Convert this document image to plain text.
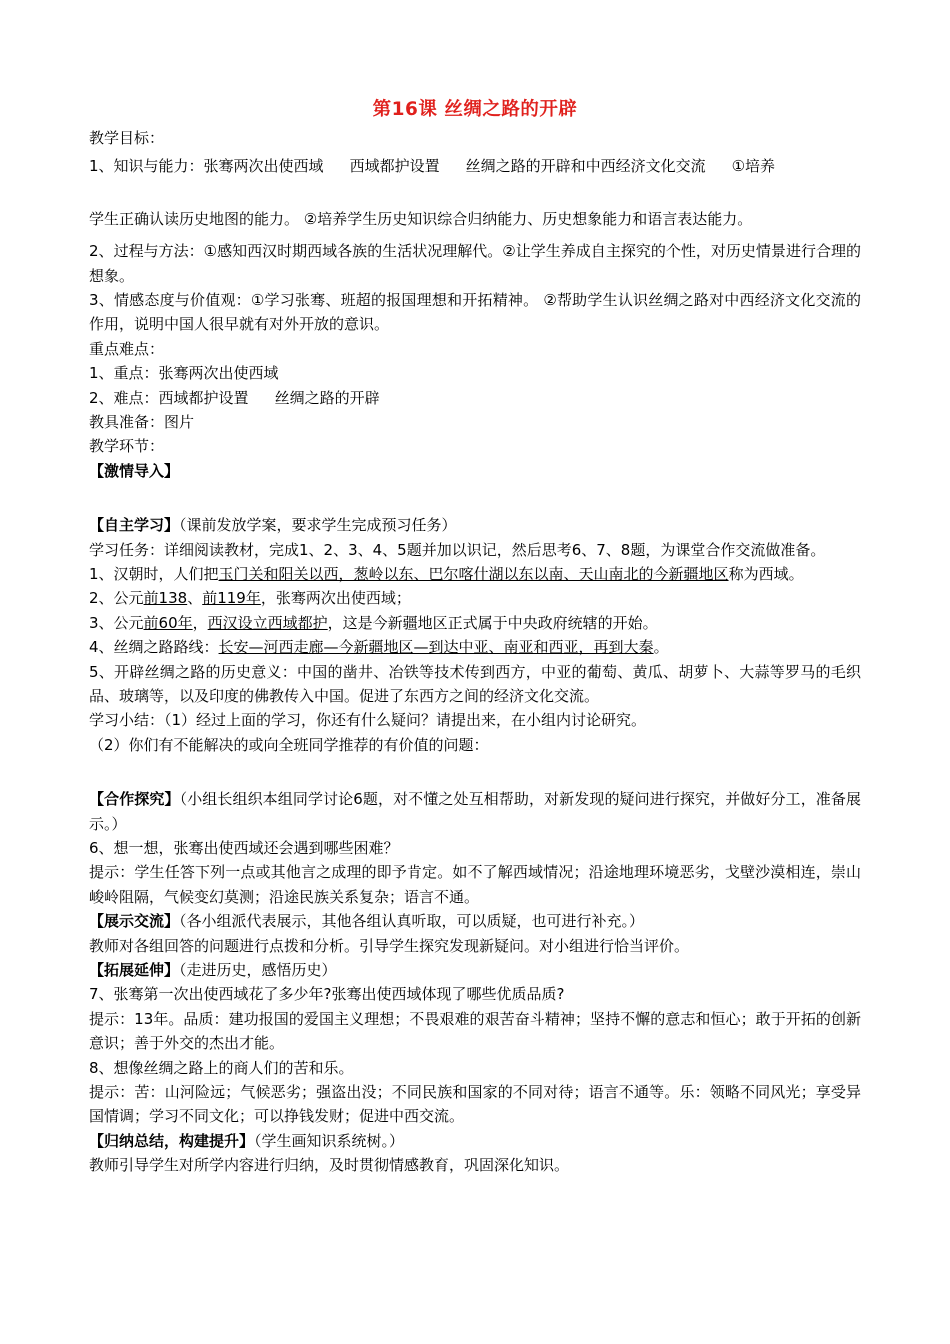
第16课 丝绸之路的开辟
教学目标：
1、知识与能力：张骞两次出使西域 西域都护设置 丝绸之路的开辟和中西经济文化交流 ①培养
学生正确认读历史地图的能力。 ②培养学生历史知识综合归纳能力、历史想象能力和语言表达能力。
2、过程与方法：①感知西汉时期西域各族的生活状况理解代。②让学生养成自主探究的个性，对历史情景进行合理的想象。
3、情感态度与价值观：①学习张骞、班超的报国理想和开拓精神。 ②帮助学生认识丝绸之路对中西经济文化交流的作用，说明中国人很早就有对外开放的意识。
重点难点：
1、重点：张骞两次出使西域
2、难点：西域都护设置 丝绸之路的开辟
教具准备：图片
教学环节：
【激情导入】
【自主学习】（课前发放学案，要求学生完成预习任务）
学习任务：详细阅读教材，完成1、2、3、4、5题并加以识记，然后思考6、7、8题，为课堂合作交流做准备。
1、汉朝时，人们把玉门关和阳关以西，葱岭以东、巴尔喀什湖以东以南、天山南北的今新疆地区称为西域。
2、公元前138、前119年，张骞两次出使西域；
3、公元前60年，西汉设立西域都护，这是今新疆地区正式属于中央政府统辖的开始。
4、丝绸之路路线：长安—河西走廊—今新疆地区—到达中亚、南亚和西亚，再到大秦。
5、开辟丝绸之路的历史意义：中国的凿井、冶铁等技术传到西方，中亚的葡萄、黄瓜、胡萝卜、大蒜等罗马的毛织品、玻璃等，以及印度的佛教传入中国。促进了东西方之间的经济文化交流。
学习小结：（1）经过上面的学习，你还有什么疑问？请提出来，在小组内讨论研究。
（2）你们有不能解决的或向全班同学推荐的有价值的问题：
【合作探究】（小组长组织本组同学讨论6题，对不懂之处互相帮助，对新发现的疑问进行探究，并做好分工，准备展示。）
6、想一想，张骞出使西域还会遇到哪些困难？
提示：学生任答下列一点或其他言之成理的即予肯定。如不了解西域情况；沿途地理环境恶劣，戈壁沙漠相连，崇山峻岭阻隔，气候变幻莫测；沿途民族关系复杂；语言不通。
【展示交流】（各小组派代表展示，其他各组认真听取，可以质疑，也可进行补充。）
教师对各组回答的问题进行点拨和分析。引导学生探究发现新疑问。对小组进行恰当评价。
【拓展延伸】（走进历史，感悟历史）
7、张骞第一次出使西域花了多少年?张骞出使西域体现了哪些优质品质?
提示：13年。品质：建功报国的爱国主义理想；不畏艰难的艰苦奋斗精神；坚持不懈的意志和恒心；敢于开拓的创新意识；善于外交的杰出才能。
8、想像丝绸之路上的商人们的苦和乐。
提示：苦：山河险远；气候恶劣；强盗出没；不同民族和国家的不同对待；语言不通等。乐：领略不同风光；享受异国情调；学习不同文化；可以挣钱发财；促进中西交流。
【归纳总结，构建提升】（学生画知识系统树。）
教师引导学生对所学内容进行归纳，及时贯彻情感教育，巩固深化知识。
